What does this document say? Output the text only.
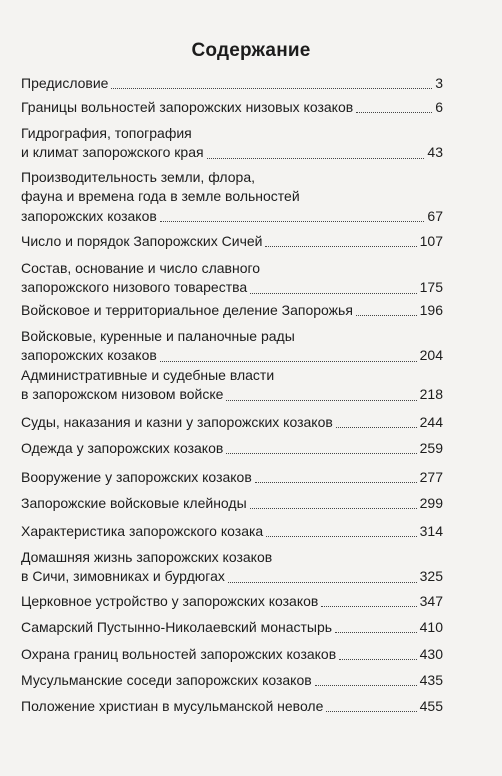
Содержание
Предисловие	3
Границы вольностей запорожских низовых козаков	6
Гидрография, топография
и климат запорожского края	43
Производительность земли, флора,
фауна и времена года в земле вольностей
запорожских козаков	67
Число и порядок Запорожских Сичей	107
Состав, основание и число славного
запорожского низового товарества	175
Войсковое и территориальное деление Запорожья	196
Войсковые, куренные и паланочные рады
запорожских козаков	204
Административные и судебные власти
в запорожском низовом войске	218
Суды, наказания и казни у запорожских козаков	244
Одежда у запорожских козаков	259
Вооружение у запорожских козаков	277
Запорожские войсковые клейноды	299
Характеристика запорожского козака	314
Домашняя жизнь запорожских козаков
в Сичи, зимовниках и бурдюгах	325
Церковное устройство у запорожских козаков	347
Самарский Пустынно-Николаевский монастырь	410
Охрана границ вольностей запорожских козаков	430
Мусульманские соседи запорожских козаков	435
Положение христиан в мусульманской неволе	455
